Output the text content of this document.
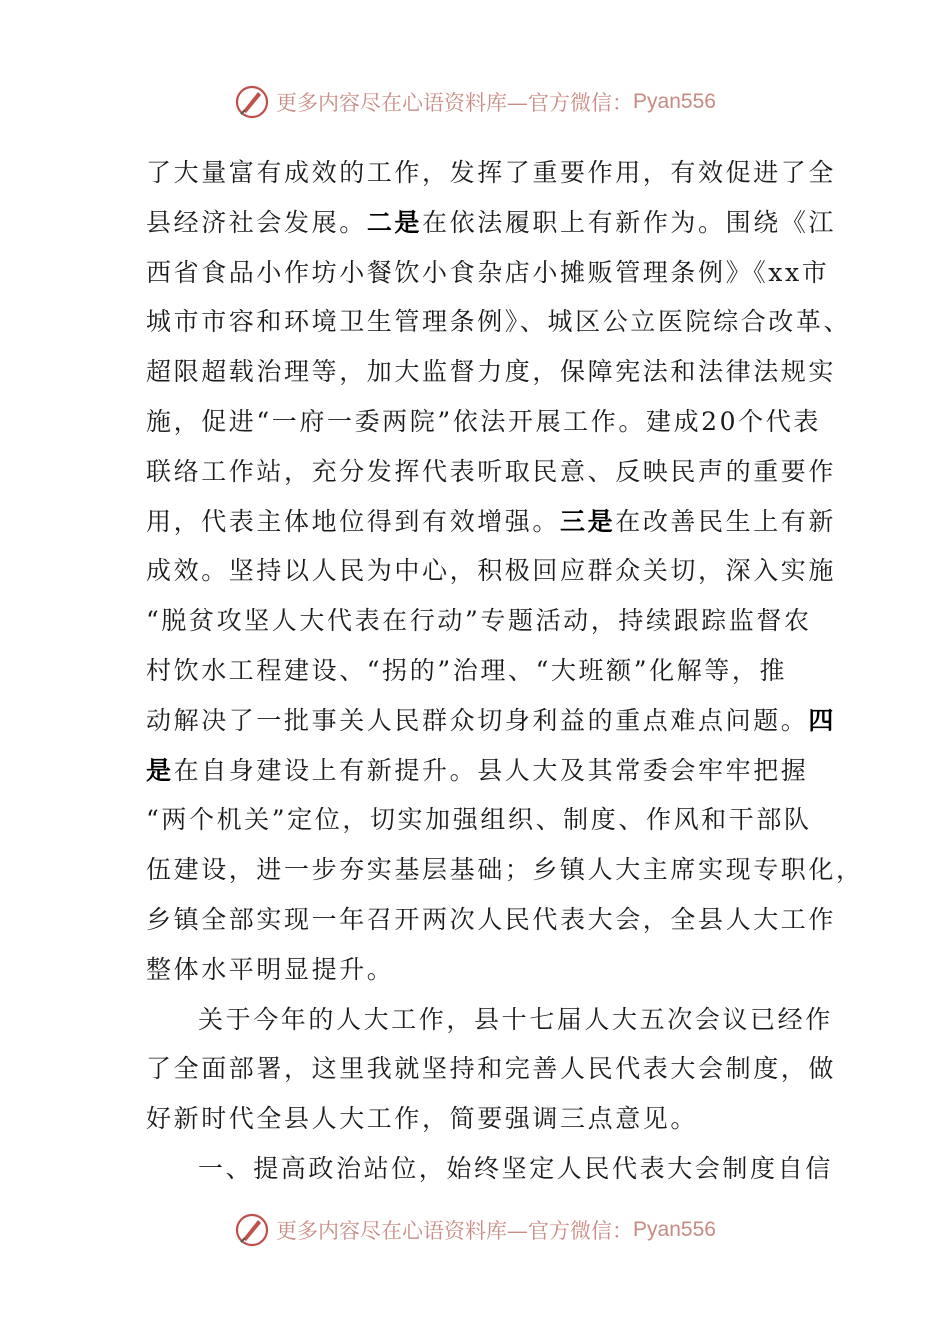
更多内容尽在心语资料库—官方微信： Pyan556
了大量富有成效的工作，发挥了重要作用，有效促进了全
县经济社会发展。二是在依法履职上有新作为。围绕《江
西省食品小作坊小餐饮小食杂店小摊贩管理条例》《xx市
城市市容和环境卫生管理条例》、城区公立医院综合改革、
超限超载治理等，加大监督力度，保障宪法和法律法规实
施，促进“一府一委两院”依法开展工作。建成20个代表
联络工作站，充分发挥代表听取民意、反映民声的重要作
用，代表主体地位得到有效增强。三是在改善民生上有新
成效。坚持以人民为中心，积极回应群众关切，深入实施
“脱贫攻坚人大代表在行动”专题活动，持续跟踪监督农
村饮水工程建设、“拐的”治理、“大班额”化解等，推
动解决了一批事关人民群众切身利益的重点难点问题。四
是在自身建设上有新提升。县人大及其常委会牢牢把握
“两个机关”定位，切实加强组织、制度、作风和干部队
伍建设，进一步夯实基层基础；乡镇人大主席实现专职化，
乡镇全部实现一年召开两次人民代表大会，全县人大工作
整体水平明显提升。
关于今年的人大工作，县十七届人大五次会议已经作
了全面部署，这里我就坚持和完善人民代表大会制度，做
好新时代全县人大工作，简要强调三点意见。
一、提高政治站位，始终坚定人民代表大会制度自信
更多内容尽在心语资料库—官方微信： Pyan556
